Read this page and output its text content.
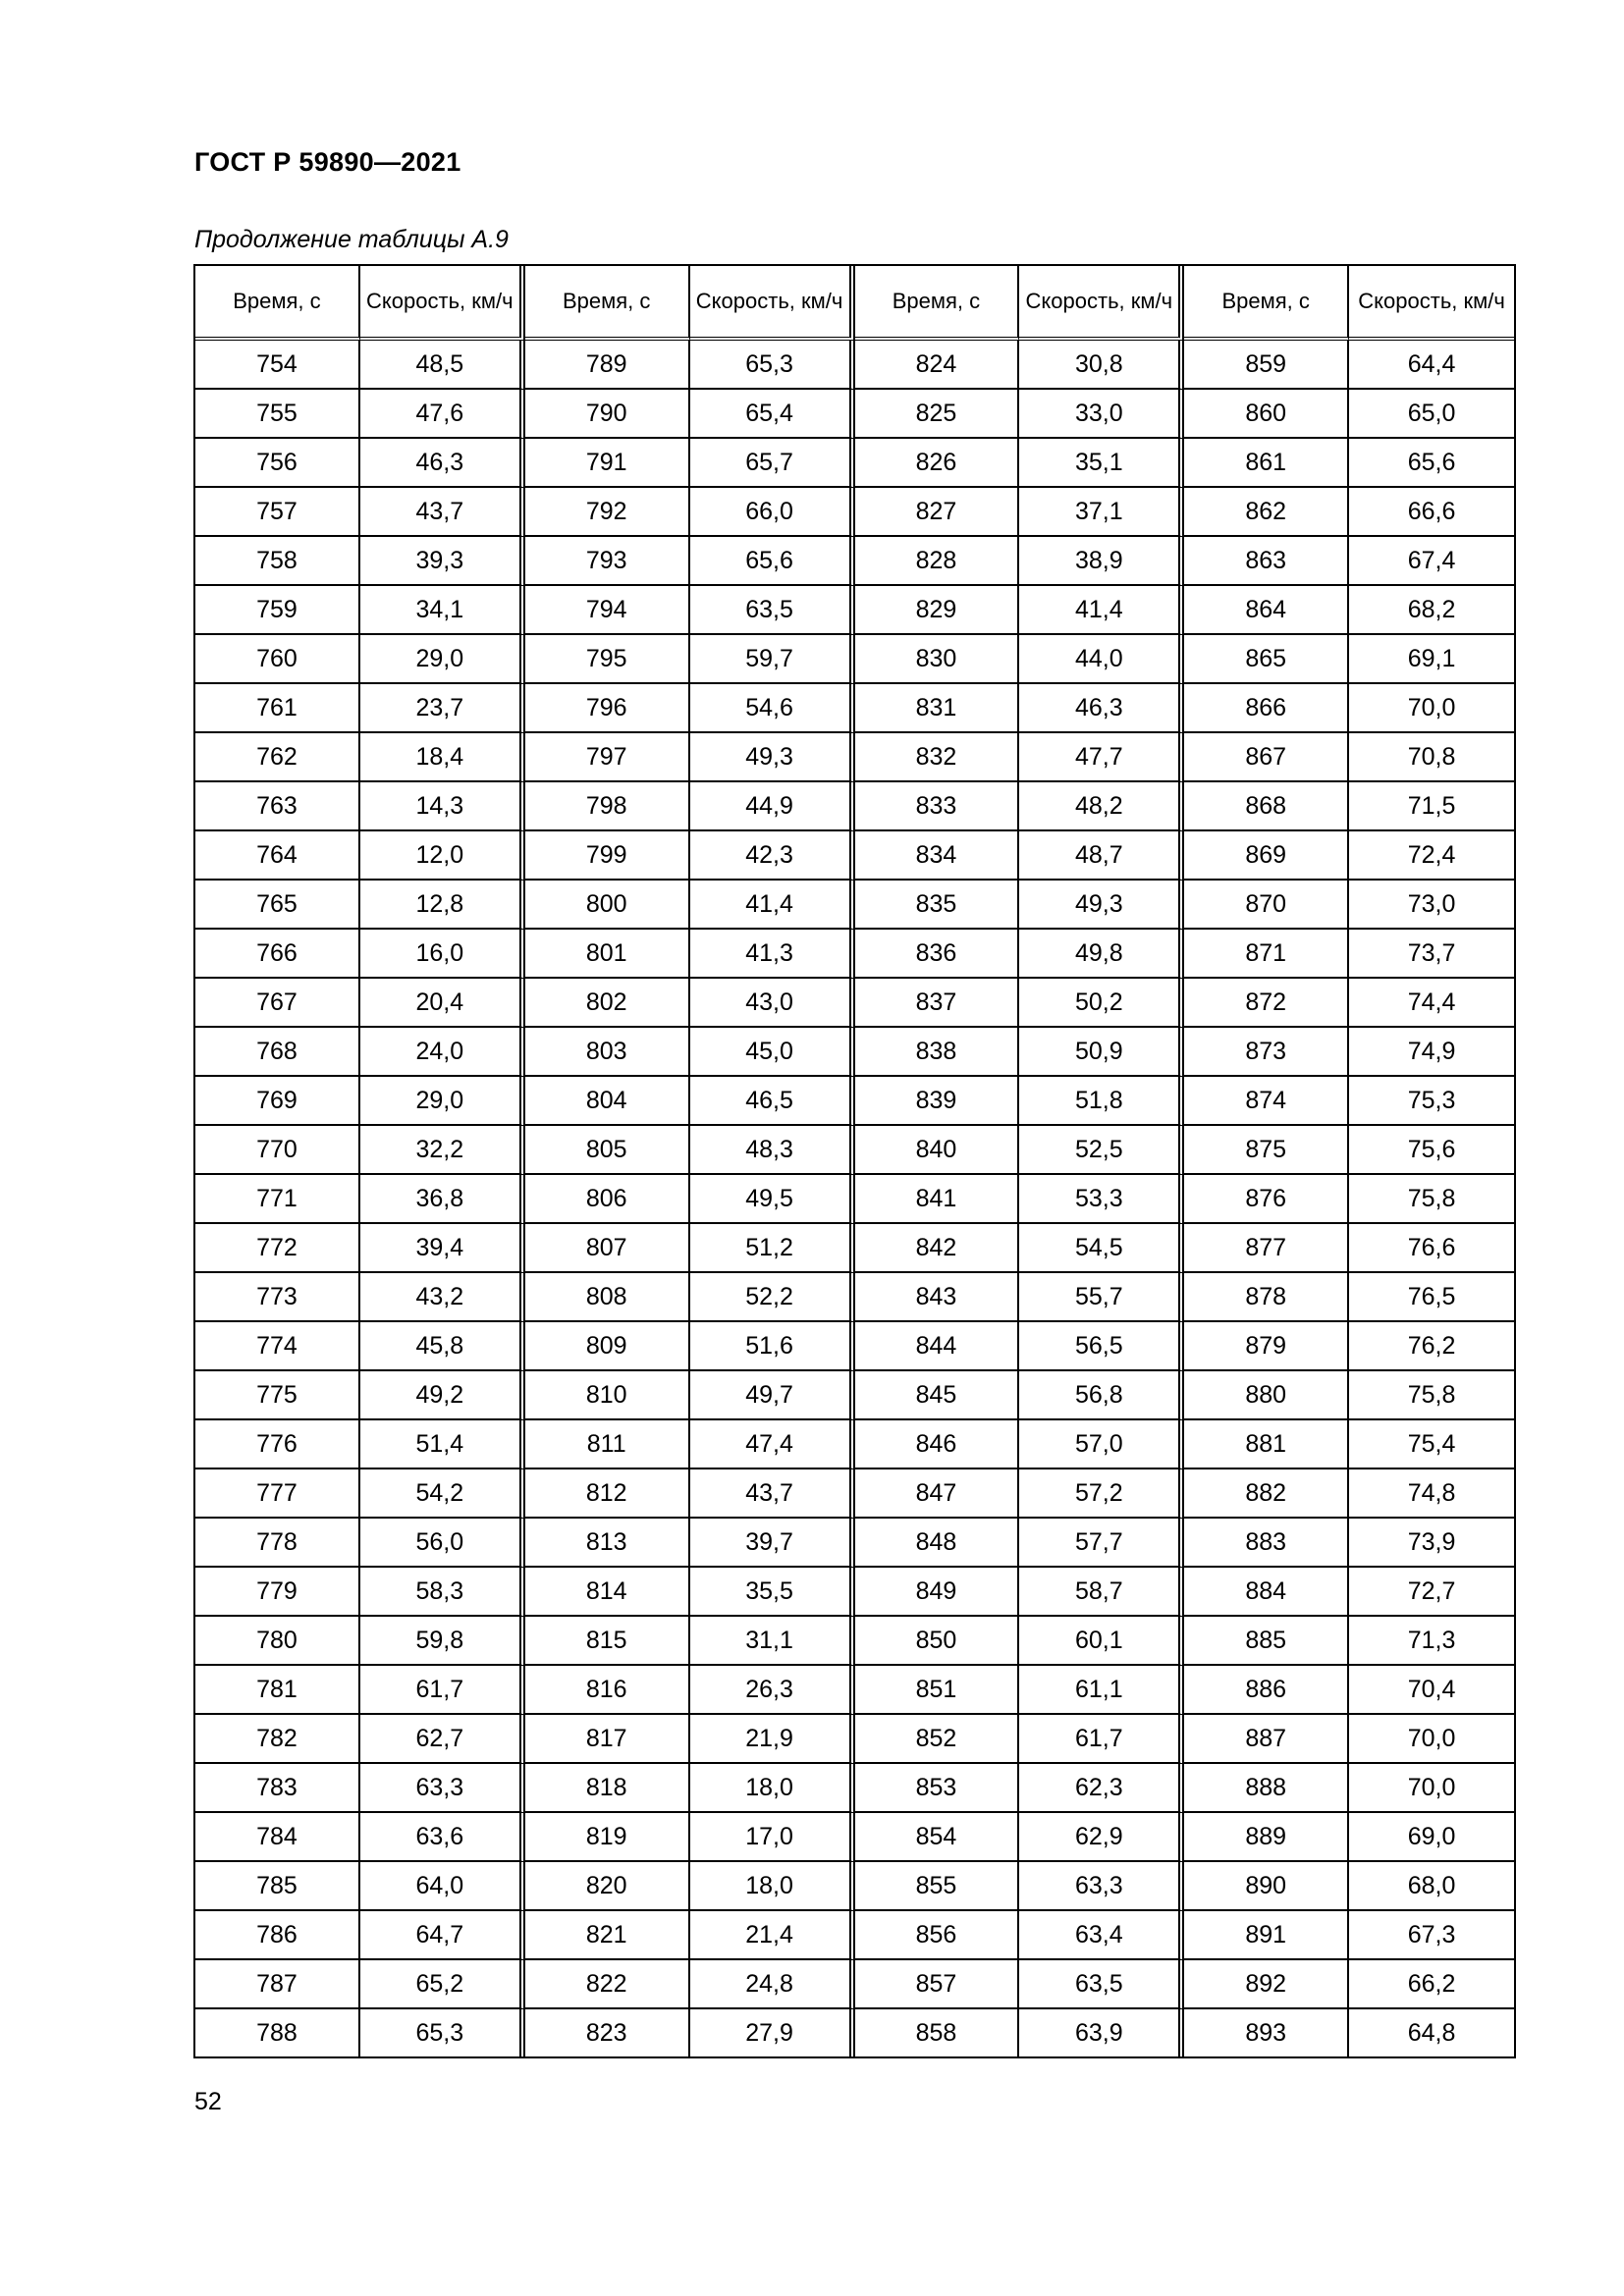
ГОСТ Р 59890—2021
Продолжение таблицы А.9
Время, с	Скорость, км/ч	Время, с	Скорость, км/ч	Время, с	Скорость, км/ч	Время, с	Скорость, км/ч
754	48,5	789	65,3	824	30,8	859	64,4
755	47,6	790	65,4	825	33,0	860	65,0
756	46,3	791	65,7	826	35,1	861	65,6
757	43,7	792	66,0	827	37,1	862	66,6
758	39,3	793	65,6	828	38,9	863	67,4
759	34,1	794	63,5	829	41,4	864	68,2
760	29,0	795	59,7	830	44,0	865	69,1
761	23,7	796	54,6	831	46,3	866	70,0
762	18,4	797	49,3	832	47,7	867	70,8
763	14,3	798	44,9	833	48,2	868	71,5
764	12,0	799	42,3	834	48,7	869	72,4
765	12,8	800	41,4	835	49,3	870	73,0
766	16,0	801	41,3	836	49,8	871	73,7
767	20,4	802	43,0	837	50,2	872	74,4
768	24,0	803	45,0	838	50,9	873	74,9
769	29,0	804	46,5	839	51,8	874	75,3
770	32,2	805	48,3	840	52,5	875	75,6
771	36,8	806	49,5	841	53,3	876	75,8
772	39,4	807	51,2	842	54,5	877	76,6
773	43,2	808	52,2	843	55,7	878	76,5
774	45,8	809	51,6	844	56,5	879	76,2
775	49,2	810	49,7	845	56,8	880	75,8
776	51,4	811	47,4	846	57,0	881	75,4
777	54,2	812	43,7	847	57,2	882	74,8
778	56,0	813	39,7	848	57,7	883	73,9
779	58,3	814	35,5	849	58,7	884	72,7
780	59,8	815	31,1	850	60,1	885	71,3
781	61,7	816	26,3	851	61,1	886	70,4
782	62,7	817	21,9	852	61,7	887	70,0
783	63,3	818	18,0	853	62,3	888	70,0
784	63,6	819	17,0	854	62,9	889	69,0
785	64,0	820	18,0	855	63,3	890	68,0
786	64,7	821	21,4	856	63,4	891	67,3
787	65,2	822	24,8	857	63,5	892	66,2
788	65,3	823	27,9	858	63,9	893	64,8
52
